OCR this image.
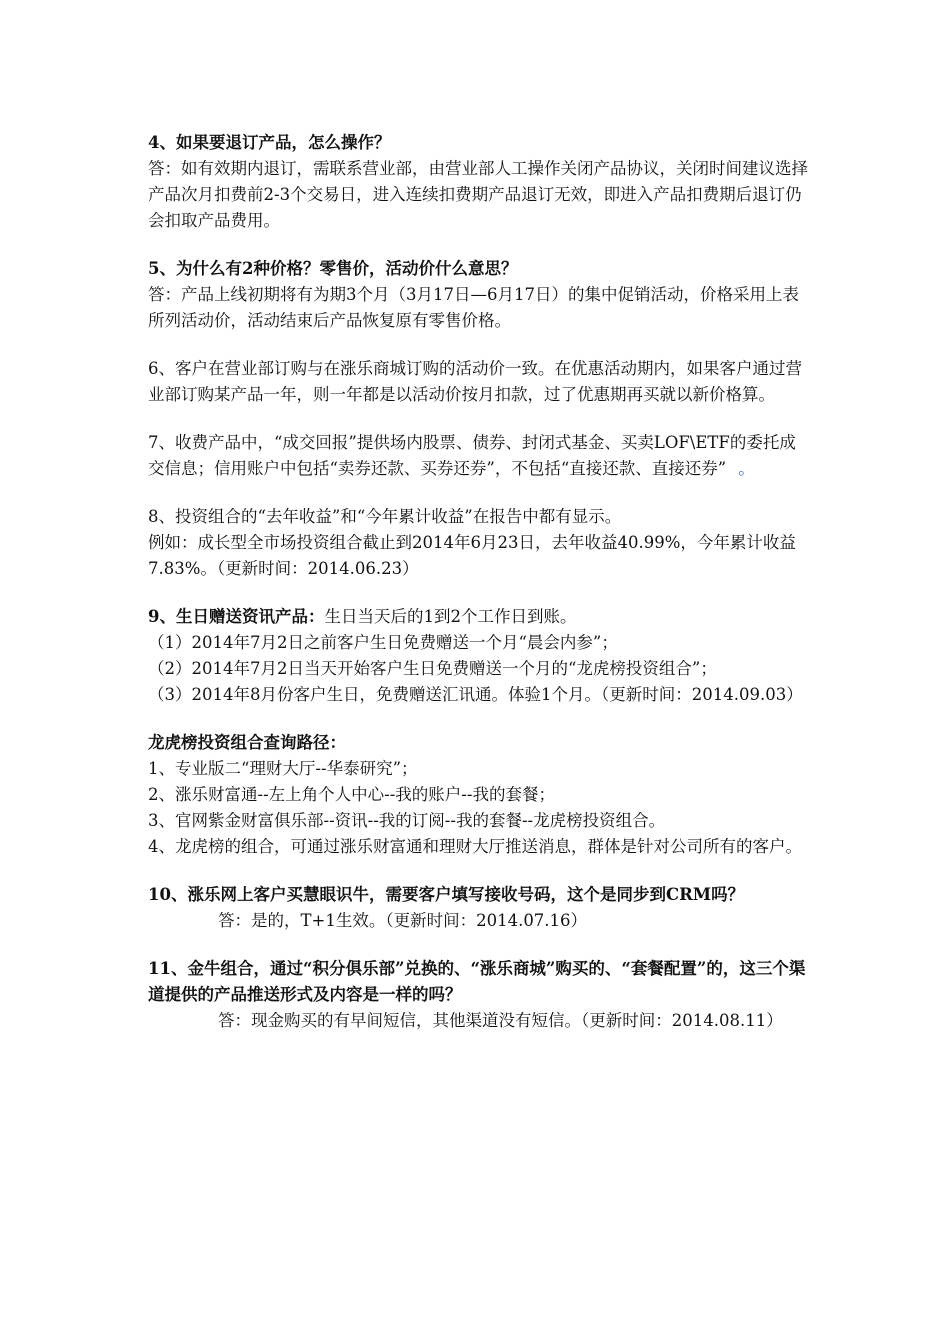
4、如果要退订产品，怎么操作？

答：如有效期内退订，需联系营业部，由营业部人工操作关闭产品协议，关闭时间建议选择产品次月扣费前2-3个交易日，进入连续扣费期产品退订无效，即进入产品扣费期后退订仍会扣取产品费用。

5、为什么有2种价格？零售价，活动价什么意思？

答：产品上线初期将有为期3个月（3月17日—6月17日）的集中促销活动，价格采用上表所列活动价，活动结束后产品恢复原有零售价格。

6、客户在营业部订购与在涨乐商城订购的活动价一致。在优惠活动期内，如果客户通过营业部订购某产品一年，则一年都是以活动价按月扣款，过了优惠期再买就以新价格算。

7、收费产品中，“成交回报”提供场内股票、债券、封闭式基金、买卖LOF\ETF的委托成交信息；信用账户中包括“卖券还款、买券还券”，不包括“直接还款、直接还券” 。

8、投资组合的“去年收益”和“今年累计收益”在报告中都有显示。

例如：成长型全市场投资组合截止到2014年6月23日，去年收益40.99%，今年累计收益7.83%。（更新时间：2014.06.23）

9、生日赠送资讯产品：生日当天后的1到2个工作日到账。

（1）2014年7月2日之前客户生日免费赠送一个月“晨会内参”；

（2）2014年7月2日当天开始客户生日免费赠送一个月的“龙虎榜投资组合”；

（3）2014年8月份客户生日，免费赠送汇讯通。体验1个月。（更新时间：2014.09.03）

龙虎榜投资组合查询路径：

1、专业版二“理财大厅--华泰研究”；

2、涨乐财富通--左上角个人中心--我的账户--我的套餐；

3、官网紫金财富俱乐部--资讯--我的订阅--我的套餐--龙虎榜投资组合。

4、龙虎榜的组合，可通过涨乐财富通和理财大厅推送消息，群体是针对公司所有的客户。

10、涨乐网上客户买慧眼识牛，需要客户填写接收号码，这个是同步到CRM吗？

答：是的，T+1生效。（更新时间：2014.07.16）

11、金牛组合，通过“积分俱乐部”兑换的、“涨乐商城”购买的、“套餐配置”的，这三个渠道提供的产品推送形式及内容是一样的吗？

答：现金购买的有早间短信，其他渠道没有短信。（更新时间：2014.08.11）
